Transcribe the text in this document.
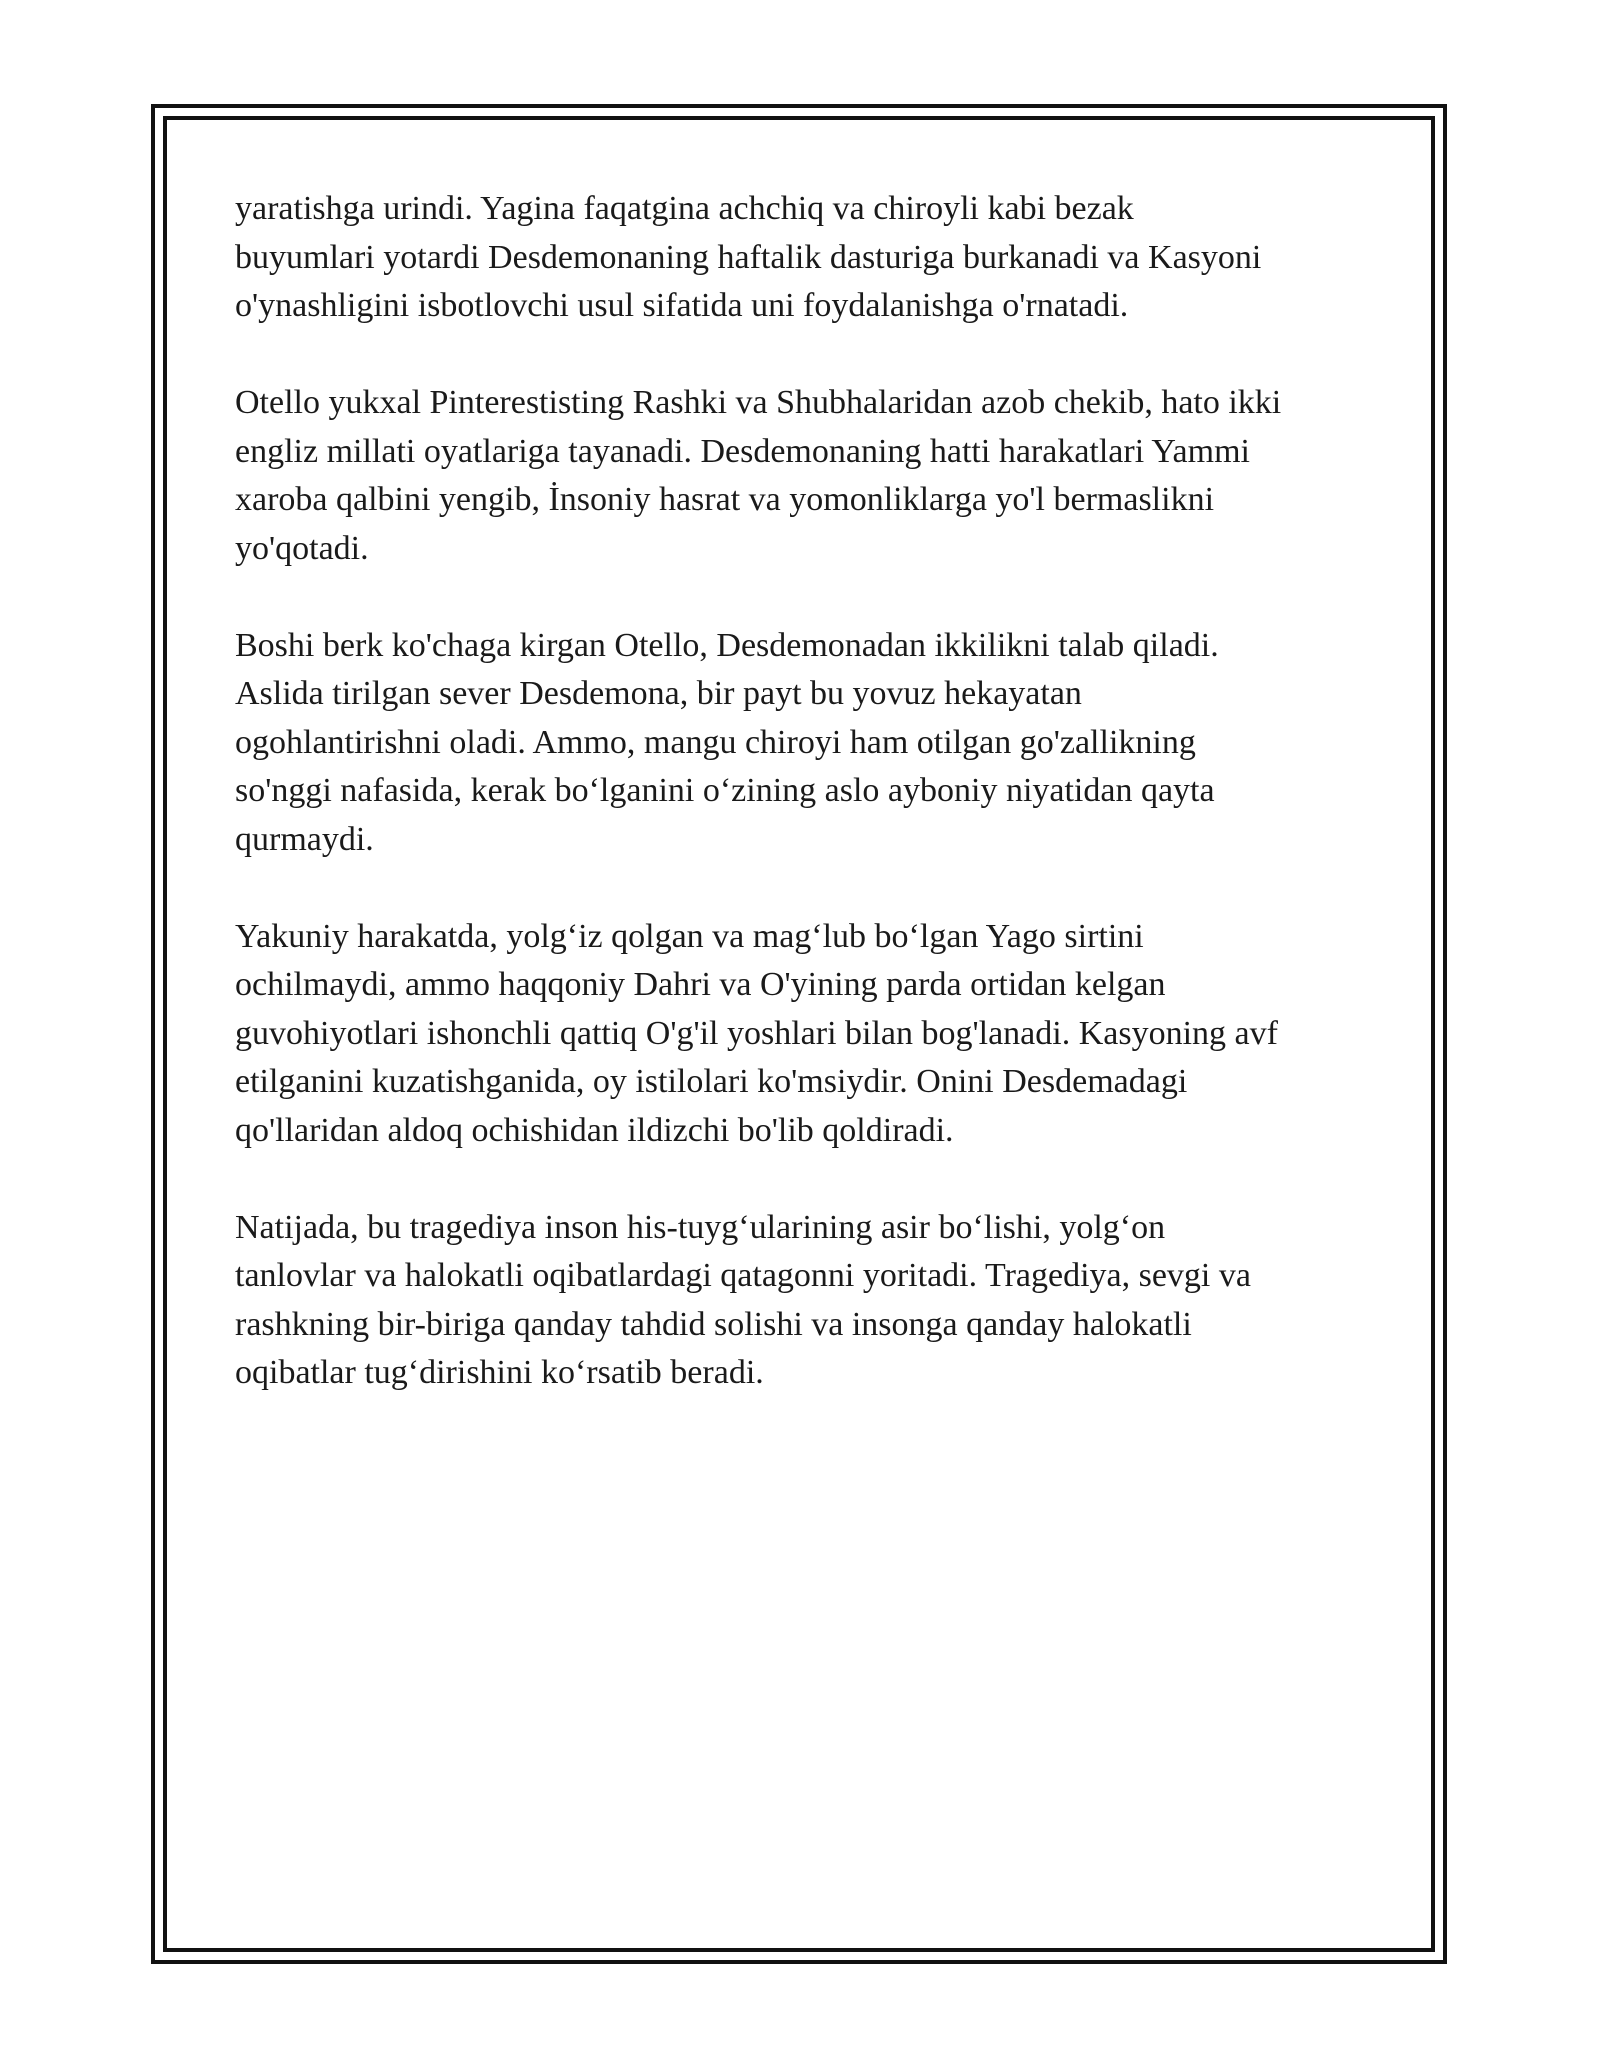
yaratishga urindi. Yagina faqatgina achchiq va chiroyli kabi bezak
buyumlari yotardi Desdemonaning haftalik dasturiga burkanadi va Kasyoni
o'ynashligini isbotlovchi usul sifatida uni foydalanishga o'rnatadi.

Otello yukxal Pinterestisting Rashki va Shubhalaridan azob chekib, hato ikki
engliz millati oyatlariga tayanadi. Desdemonaning hatti harakatlari Yammi
xaroba qalbini yengib, İnsoniy hasrat va yomonliklarga yo'l bermaslikni
yo'qotadi.

Boshi berk ko'chaga kirgan Otello, Desdemonadan ikkilikni talab qiladi.
Aslida tirilgan sever Desdemona, bir payt bu yovuz hekayatan
ogohlantirishni oladi. Ammo, mangu chiroyi ham otilgan go'zallikning
so'nggi nafasida, kerak bo‘lganini o‘zining aslo ayboniy niyatidan qayta
qurmaydi.

Yakuniy harakatda, yolg‘iz qolgan va mag‘lub bo‘lgan Yago sirtini
ochilmaydi, ammo haqqoniy Dahri va O'yining parda ortidan kelgan
guvohiyotlari ishonchli qattiq O'g'il yoshlari bilan bog'lanadi. Kasyoning avf
etilganini kuzatishganida, oy istilolari ko'msiydir. Onini Desdemadagi
qo'llaridan aldoq ochishidan ildizchi bo'lib qoldiradi.

Natijada, bu tragediya inson his-tuyg‘ularining asir bo‘lishi, yolg‘on
tanlovlar va halokatli oqibatlardagi qatagonni yoritadi. Tragediya, sevgi va
rashkning bir-biriga qanday tahdid solishi va insonga qanday halokatli
oqibatlar tug‘dirishini ko‘rsatib beradi.
